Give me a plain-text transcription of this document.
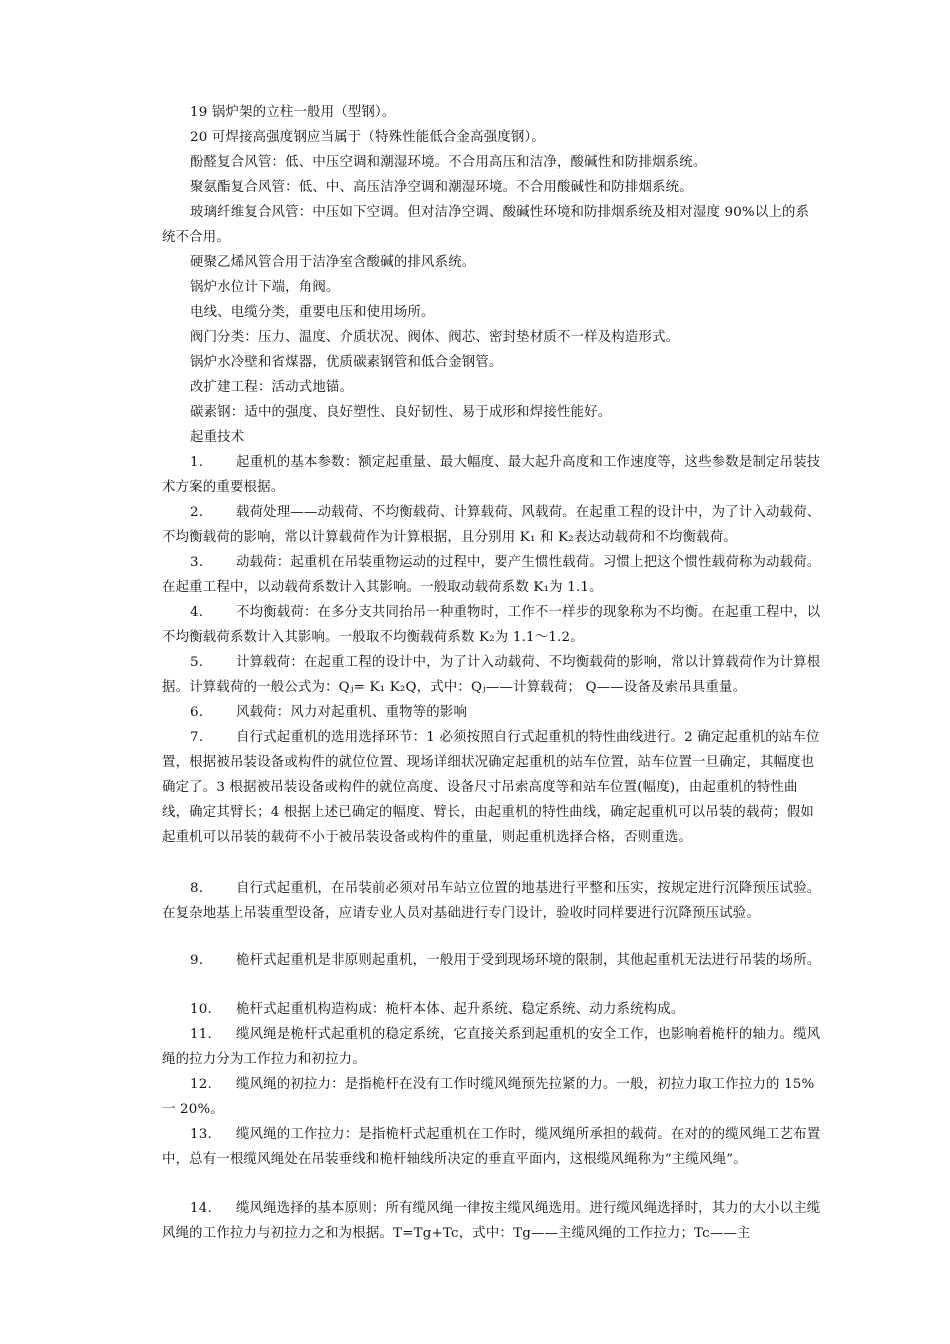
19 锅炉架的立柱一般用（型钢）。

20 可焊接高强度钢应当属于（特殊性能低合金高强度钢）。

酚醛复合风管：低、中压空调和潮湿环境。不合用高压和洁净，酸碱性和防排烟系统。

聚氨酯复合风管：低、中、高压洁净空调和潮湿环境。不合用酸碱性和防排烟系统。

玻璃纤维复合风管：中压如下空调。但对洁净空调、酸碱性环境和防排烟系统及相对湿度 90%以上的系统不合用。

硬聚乙烯风管合用于洁净室含酸碱的排风系统。

锅炉水位计下端，角阀。

电线、电缆分类，重要电压和使用场所。

阀门分类：压力、温度、介质状况、阀体、阀芯、密封垫材质不一样及构造形式。

锅炉水冷壁和省煤器，优质碳素钢管和低合金钢管。

改扩建工程：活动式地锚。

碳素钢：适中的强度、良好塑性、良好韧性、易于成形和焊接性能好。

起重技术

1. 起重机的基本参数：额定起重量、最大幅度、最大起升高度和工作速度等，这些参数是制定吊装技术方案的重要根据。

2. 载荷处理——动载荷、不均衡载荷、计算载荷、风载荷。在起重工程的设计中，为了计入动载荷、不均衡载荷的影响，常以计算载荷作为计算根据，且分别用 K₁ 和 K₂表达动载荷和不均衡载荷。

3. 动载荷：起重机在吊装重物运动的过程中，要产生惯性载荷。习惯上把这个惯性载荷称为动载荷。在起重工程中，以动载荷系数计入其影响。一般取动载荷系数 K₁为 1.1。

4. 不均衡载荷：在多分支共同抬吊一种重物时，工作不一样步的现象称为不均衡。在起重工程中，以不均衡载荷系数计入其影响。一般取不均衡载荷系数 K₂为 1.1～1.2。

5. 计算载荷：在起重工程的设计中，为了计入动载荷、不均衡载荷的影响，常以计算载荷作为计算根据。计算载荷的一般公式为：Qⱼ= K₁ K₂Q，式中：Qⱼ——计算载荷； Q——设备及索吊具重量。

6. 风载荷：风力对起重机、重物等的影响

7. 自行式起重机的选用选择环节：1 必须按照自行式起重机的特性曲线进行。2 确定起重机的站车位置，根据被吊装设备或构件的就位位置、现场详细状况确定起重机的站车位置，站车位置一旦确定，其幅度也确定了。3 根据被吊装设备或构件的就位高度、设备尺寸吊索高度等和站车位置(幅度)，由起重机的特性曲线，确定其臂长；4 根据上述已确定的幅度、臂长，由起重机的特性曲线，确定起重机可以吊装的载荷；假如起重机可以吊装的载荷不小于被吊装设备或构件的重量，则起重机选择合格，否则重选。

8. 自行式起重机，在吊装前必须对吊车站立位置的地基进行平整和压实，按规定进行沉降预压试验。在复杂地基上吊装重型设备，应请专业人员对基础进行专门设计，验收时同样要进行沉降预压试验。

9. 桅杆式起重机是非原则起重机，一般用于受到现场环境的限制，其他起重机无法进行吊装的场所。

10. 桅杆式起重机构造构成：桅杆本体、起升系统、稳定系统、动力系统构成。

11. 缆风绳是桅杆式起重机的稳定系统，它直接关系到起重机的安全工作，也影响着桅杆的轴力。缆风绳的拉力分为工作拉力和初拉力。

12. 缆风绳的初拉力：是指桅杆在没有工作时缆风绳预先拉紧的力。一般，初拉力取工作拉力的 15%一 20%。

13. 缆风绳的工作拉力：是指桅杆式起重机在工作时，缆风绳所承担的载荷。在对的的缆风绳工艺布置中，总有一根缆风绳处在吊装垂线和桅杆轴线所决定的垂直平面内，这根缆风绳称为“主缆风绳”。

14. 缆风绳选择的基本原则：所有缆风绳一律按主缆风绳选用。进行缆风绳选择时，其力的大小以主缆风绳的工作拉力与初拉力之和为根据。T=Tg+Tc，式中：Tg——主缆风绳的工作拉力；Tc——主
